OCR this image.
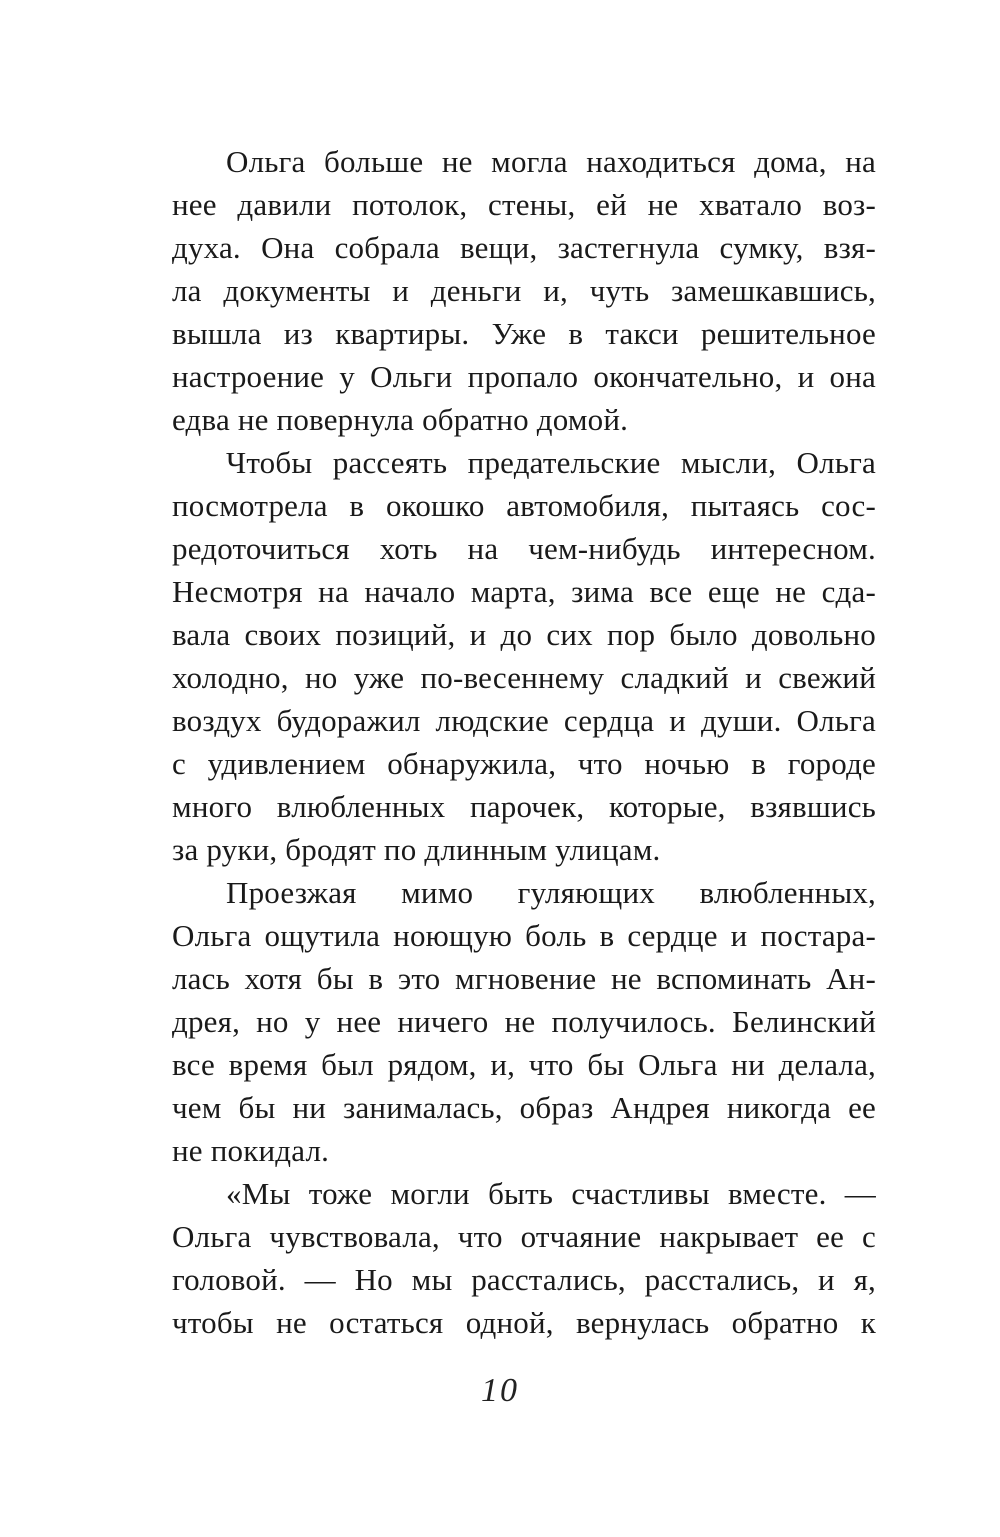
Ольга больше не могла находиться дома, на
нее давили потолок, стены, ей не хватало воз-
духа. Она собрала вещи, застегнула сумку, взя-
ла документы и деньги и, чуть замешкавшись,
вышла из квартиры. Уже в такси решительное
настроение у Ольги пропало окончательно, и она
едва не повернула обратно домой.
Чтобы рассеять предательские мысли, Ольга
посмотрела в окошко автомобиля, пытаясь сос-
редоточиться хоть на чем-нибудь интересном.
Несмотря на начало марта, зима все еще не сда-
вала своих позиций, и до сих пор было довольно
холодно, но уже по-весеннему сладкий и свежий
воздух будоражил людские сердца и души. Ольга
с удивлением обнаружила, что ночью в городе
много влюбленных парочек, которые, взявшись
за руки, бродят по длинным улицам.
Проезжая мимо гуляющих влюбленных,
Ольга ощутила ноющую боль в сердце и постара-
лась хотя бы в это мгновение не вспоминать Ан-
дрея, но у нее ничего не получилось. Белинский
все время был рядом, и, что бы Ольга ни делала,
чем бы ни занималась, образ Андрея никогда ее
не покидал.
«Мы тоже могли быть счастливы вместе. —
Ольга чувствовала, что отчаяние накрывает ее с
головой. — Но мы расстались, расстались, и я,
чтобы не остаться одной, вернулась обратно к
10
